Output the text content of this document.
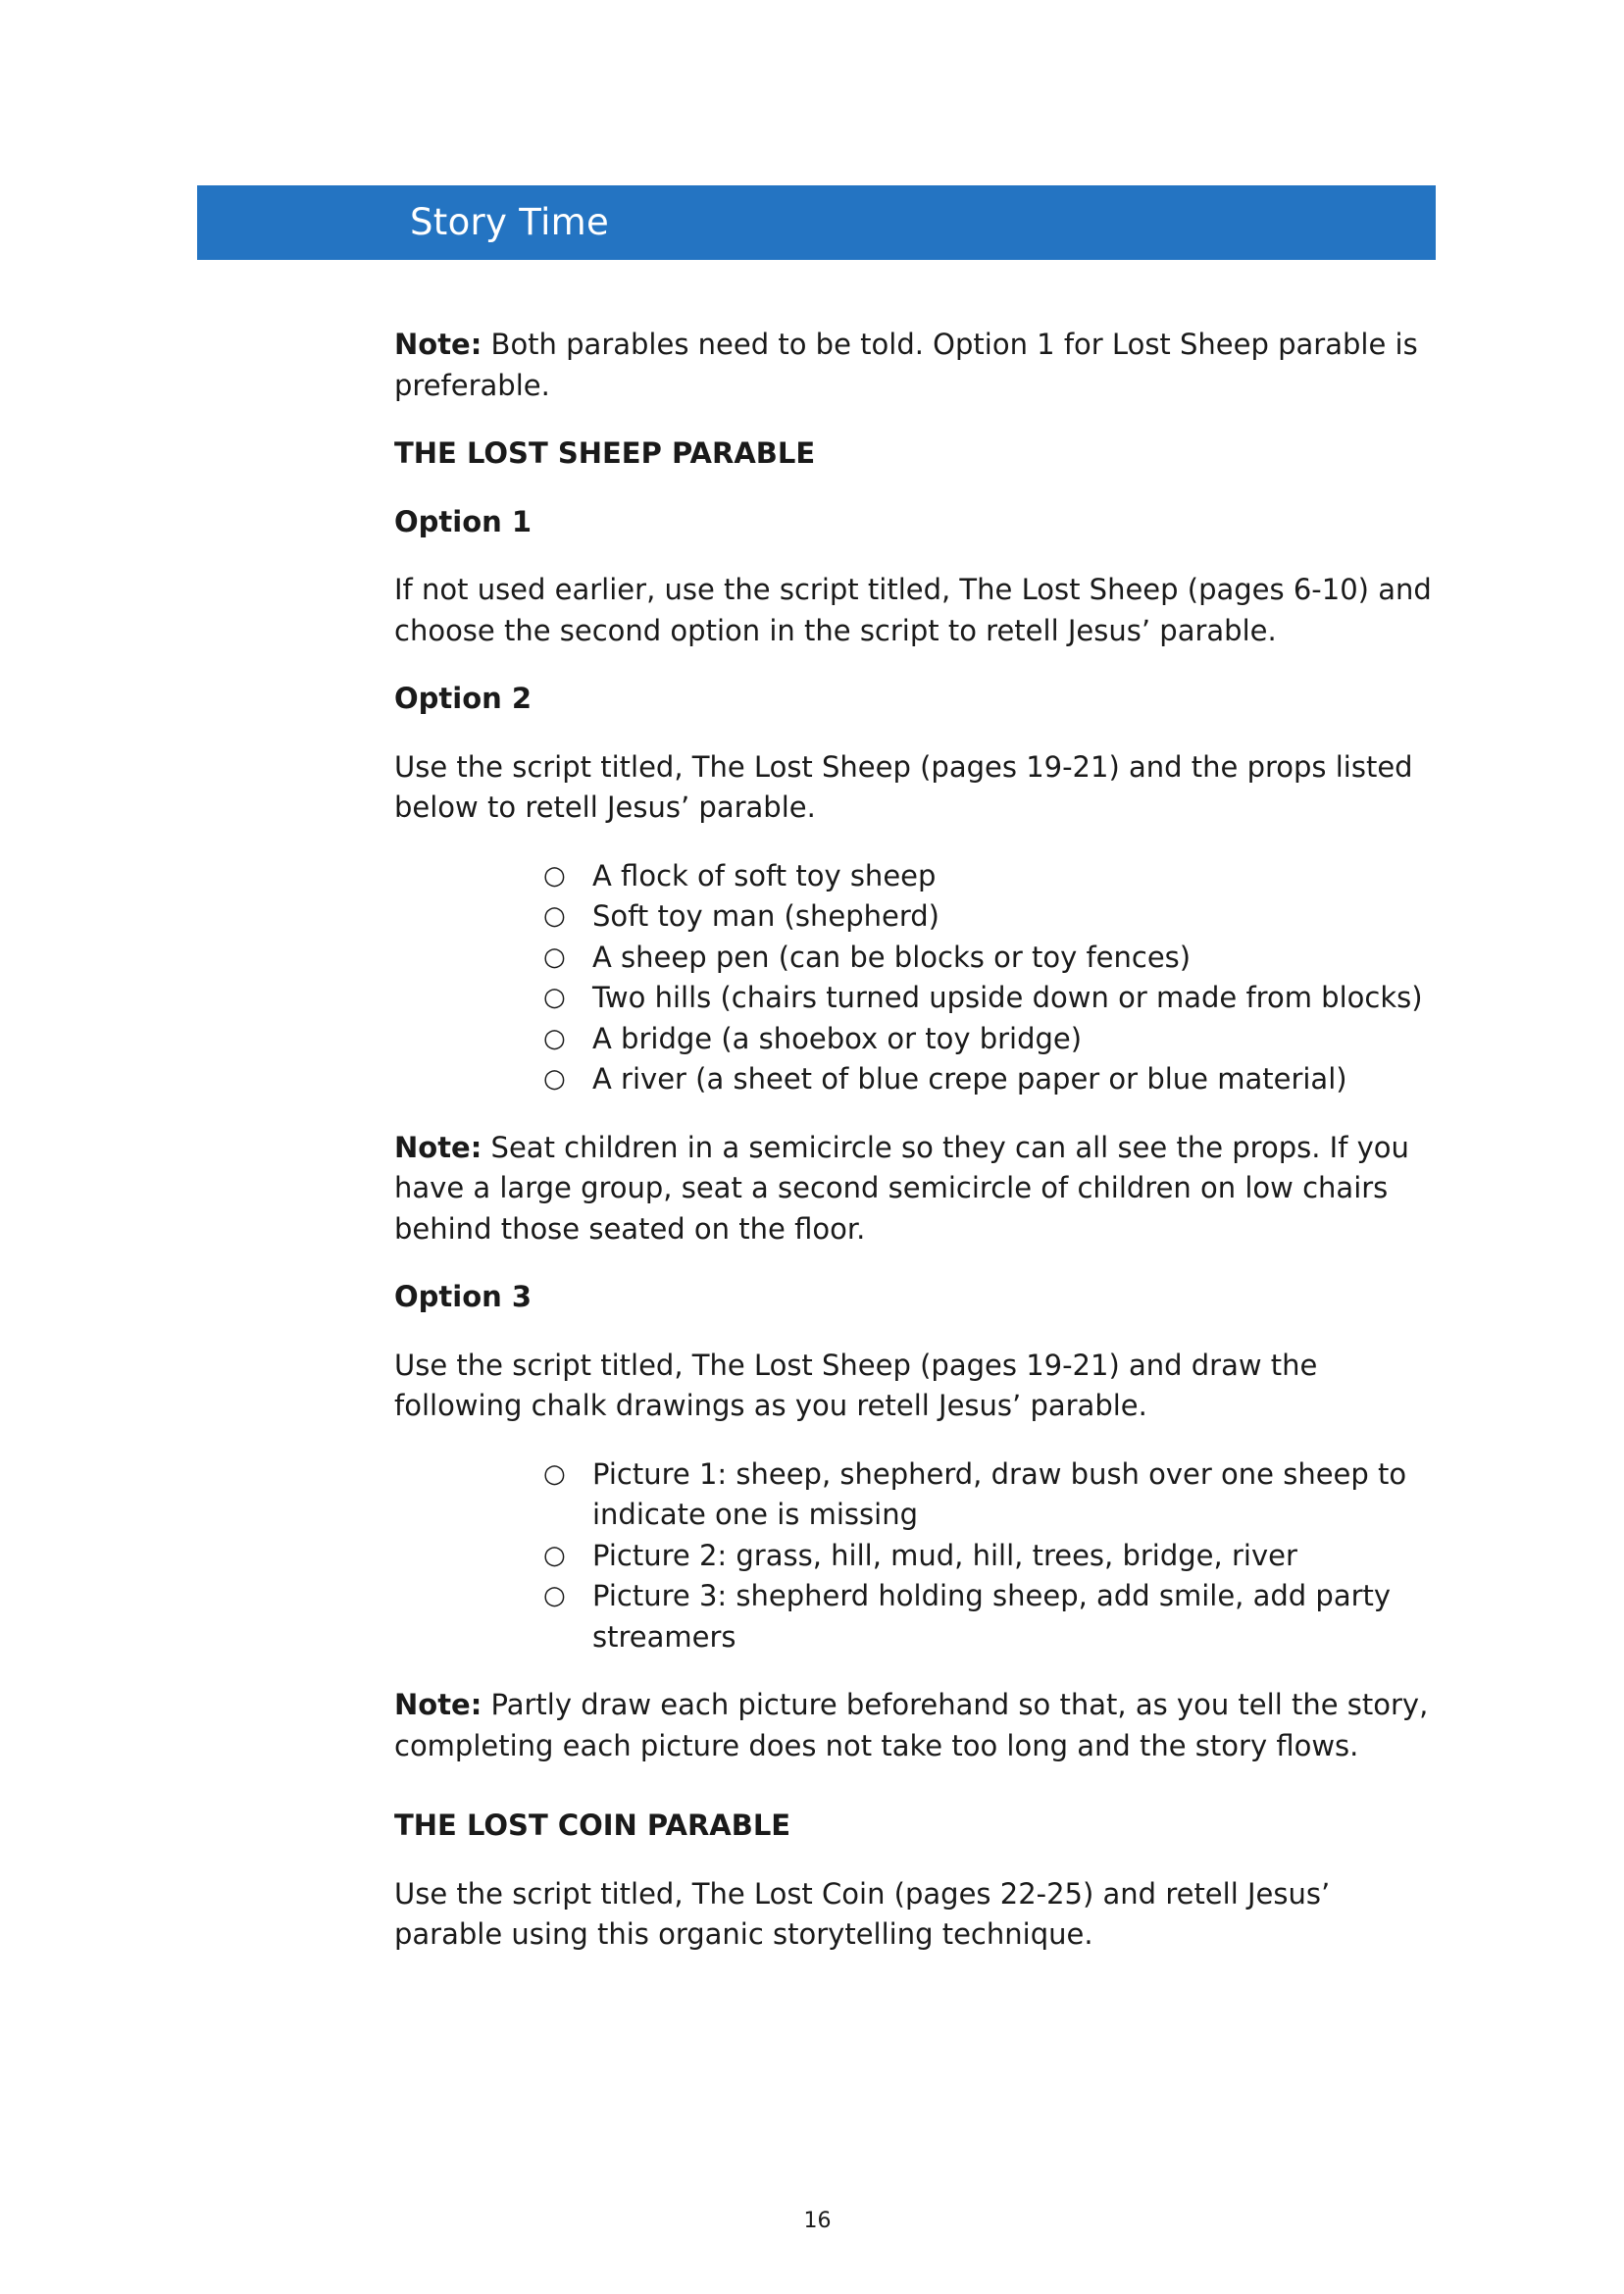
Story Time

Note: Both parables need to be told. Option 1 for Lost Sheep parable is preferable.

THE LOST SHEEP PARABLE

Option 1

If not used earlier, use the script titled, The Lost Sheep (pages 6-10) and choose the second option in the script to retell Jesus’ parable.

Option 2

Use the script titled, The Lost Sheep (pages 19-21) and the props listed below to retell Jesus’ parable.

○ A flock of soft toy sheep
○ Soft toy man (shepherd)
○ A sheep pen (can be blocks or toy fences)
○ Two hills (chairs turned upside down or made from blocks)
○ A bridge (a shoebox or toy bridge)
○ A river (a sheet of blue crepe paper or blue material)

Note: Seat children in a semicircle so they can all see the props. If you have a large group, seat a second semicircle of children on low chairs behind those seated on the floor.

Option 3

Use the script titled, The Lost Sheep (pages 19-21) and draw the following chalk drawings as you retell Jesus’ parable.

○ Picture 1: sheep, shepherd, draw bush over one sheep to indicate one is missing
○ Picture 2: grass, hill, mud, hill, trees, bridge, river
○ Picture 3: shepherd holding sheep, add smile, add party streamers

Note: Partly draw each picture beforehand so that, as you tell the story, completing each picture does not take too long and the story flows.

THE LOST COIN PARABLE

Use the script titled, The Lost Coin (pages 22-25) and retell Jesus’ parable using this organic storytelling technique.

16
